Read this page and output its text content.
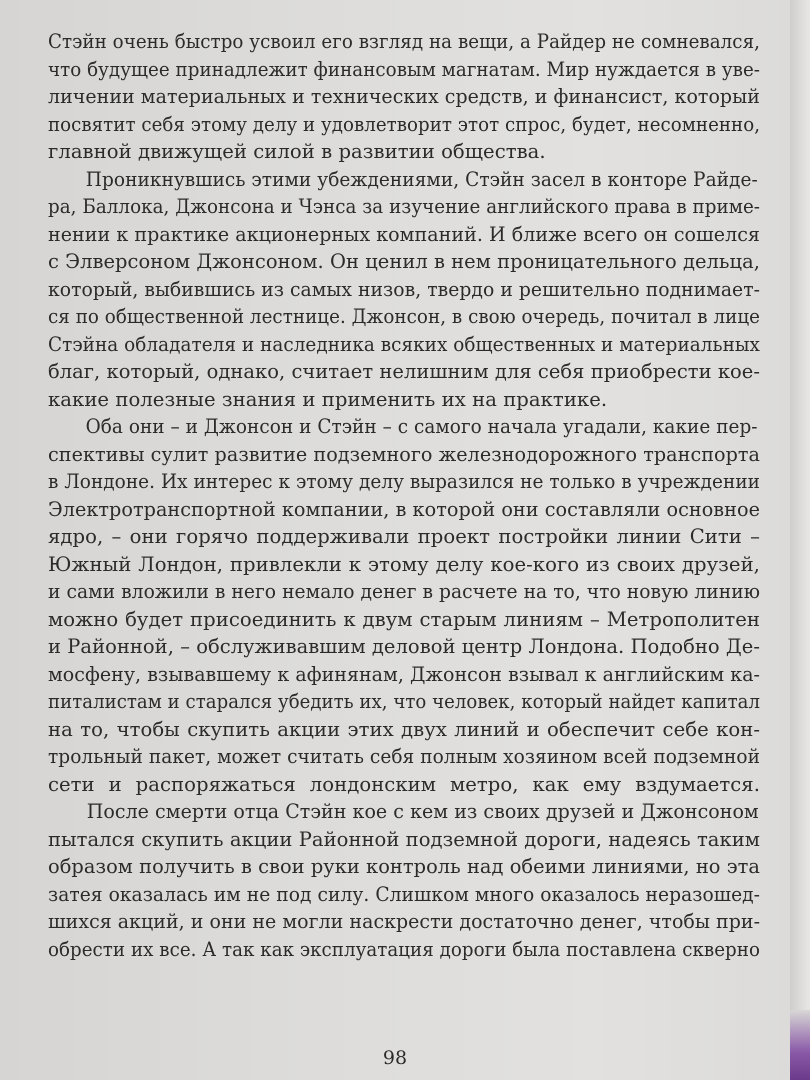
Стэйн очень быстро усвоил его взгляд на вещи, а Райдер не сомневался,
что будущее принадлежит финансовым магнатам. Мир нуждается в уве-
личении материальных и технических средств, и финансист, который
посвятит себя этому делу и удовлетворит этот спрос, будет, несомненно,
главной движущей силой в развитии общества.
Проникнувшись этими убеждениями, Стэйн засел в конторе Райде-
ра, Баллока, Джонсона и Чэнса за изучение английского права в приме-
нении к практике акционерных компаний. И ближе всего он сошелся
с Элверсоном Джонсоном. Он ценил в нем проницательного дельца,
который, выбившись из самых низов, твердо и решительно поднимает-
ся по общественной лестнице. Джонсон, в свою очередь, почитал в лице
Стэйна обладателя и наследника всяких общественных и материальных
благ, который, однако, считает нелишним для себя приобрести кое-
какие полезные знания и применить их на практике.
Оба они – и Джонсон и Стэйн – с самого начала угадали, какие пер-
спективы сулит развитие подземного железнодорожного транспорта
в Лондоне. Их интерес к этому делу выразился не только в учреждении
Электротранспортной компании, в которой они составляли основное
ядро, – они горячо поддерживали проект постройки линии Сити –
Южный Лондон, привлекли к этому делу кое-кого из своих друзей,
и сами вложили в него немало денег в расчете на то, что новую линию
можно будет присоединить к двум старым линиям – Метрополитен
и Районной, – обслуживавшим деловой центр Лондона. Подобно Де-
мосфену, взывавшему к афинянам, Джонсон взывал к английским ка-
питалистам и старался убедить их, что человек, который найдет капитал
на то, чтобы скупить акции этих двух линий и обеспечит себе кон-
трольный пакет, может считать себя полным хозяином всей подземной
сети и распоряжаться лондонским метро, как ему вздумается.
После смерти отца Стэйн кое с кем из своих друзей и Джонсоном
пытался скупить акции Районной подземной дороги, надеясь таким
образом получить в свои руки контроль над обеими линиями, но эта
затея оказалась им не под силу. Слишком много оказалось неразошед-
шихся акций, и они не могли наскрести достаточно денег, чтобы при-
обрести их все. А так как эксплуатация дороги была поставлена скверно
98
